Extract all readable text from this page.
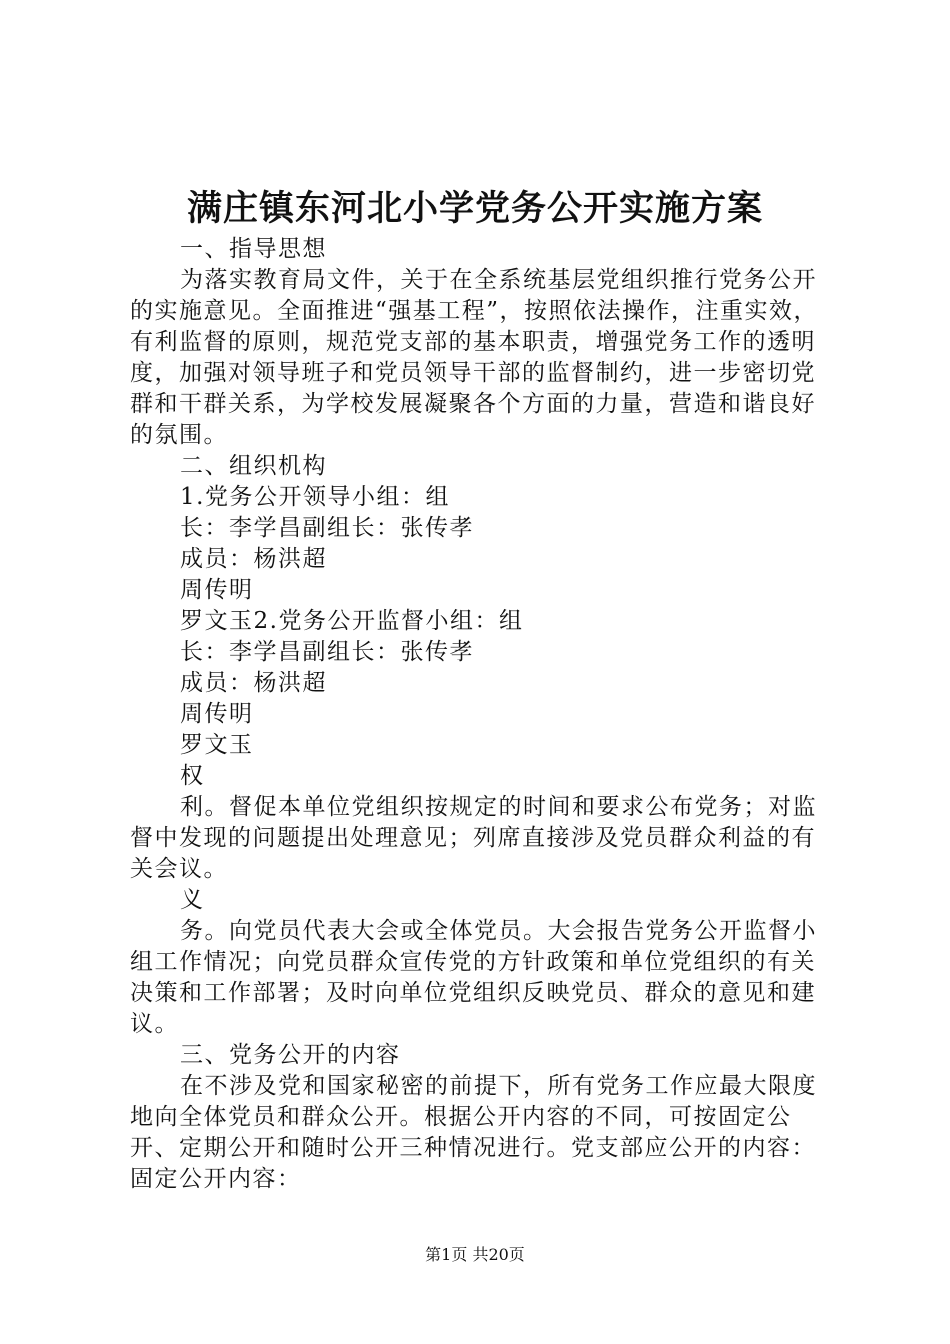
满庄镇东河北小学党务公开实施方案

一、指导思想

为落实教育局文件，关于在全系统基层党组织推行党务公开的实施意见。全面推进“强基工程”，按照依法操作，注重实效，有利监督的原则，规范党支部的基本职责，增强党务工作的透明度，加强对领导班子和党员领导干部的监督制约，进一步密切党群和干群关系，为学校发展凝聚各个方面的力量，营造和谐良好的氛围。

二、组织机构

1.党务公开领导小组：组

长：李学昌副组长：张传孝

成员：杨洪超

周传明

罗文玉2.党务公开监督小组：组

长：李学昌副组长：张传孝

成员：杨洪超

周传明

罗文玉

权

利。督促本单位党组织按规定的时间和要求公布党务；对监督中发现的问题提出处理意见；列席直接涉及党员群众利益的有关会议。

义

务。向党员代表大会或全体党员。大会报告党务公开监督小组工作情况；向党员群众宣传党的方针政策和单位党组织的有关决策和工作部署；及时向单位党组织反映党员、群众的意见和建议。

三、党务公开的内容

在不涉及党和国家秘密的前提下，所有党务工作应最大限度地向全体党员和群众公开。根据公开内容的不同，可按固定公开、定期公开和随时公开三种情况进行。党支部应公开的内容：固定公开内容：

第1页 共20页
